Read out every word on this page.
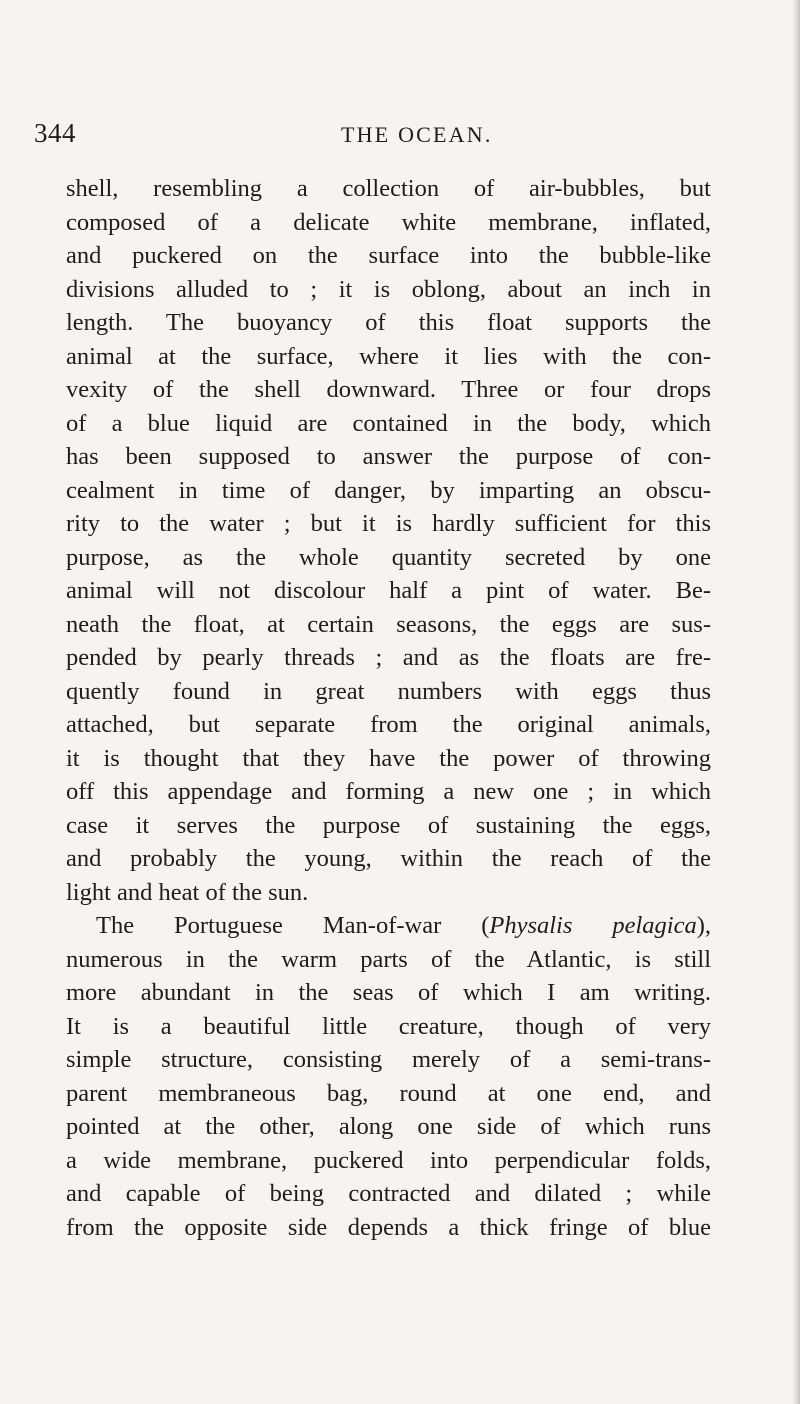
344	THE OCEAN.
shell, resembling a collection of air-bubbles, but
composed of a delicate white membrane, inflated,
and puckered on the surface into the bubble-like
divisions alluded to ; it is oblong, about an inch in
length. The buoyancy of this float supports the
animal at the surface, where it lies with the con-
vexity of the shell downward. Three or four drops
of a blue liquid are contained in the body, which
has been supposed to answer the purpose of con-
cealment in time of danger, by imparting an obscu-
rity to the water ; but it is hardly sufficient for this
purpose, as the whole quantity secreted by one
animal will not discolour half a pint of water. Be-
neath the float, at certain seasons, the eggs are sus-
pended by pearly threads ; and as the floats are fre-
quently found in great numbers with eggs thus
attached, but separate from the original animals,
it is thought that they have the power of throwing
off this appendage and forming a new one ; in which
case it serves the purpose of sustaining the eggs,
and probably the young, within the reach of the
light and heat of the sun.
The Portuguese Man-of-war (Physalis pelagica),
numerous in the warm parts of the Atlantic, is still
more abundant in the seas of which I am writing.
It is a beautiful little creature, though of very
simple structure, consisting merely of a semi-trans-
parent membraneous bag, round at one end, and
pointed at the other, along one side of which runs
a wide membrane, puckered into perpendicular folds,
and capable of being contracted and dilated ; while
from the opposite side depends a thick fringe of blue
